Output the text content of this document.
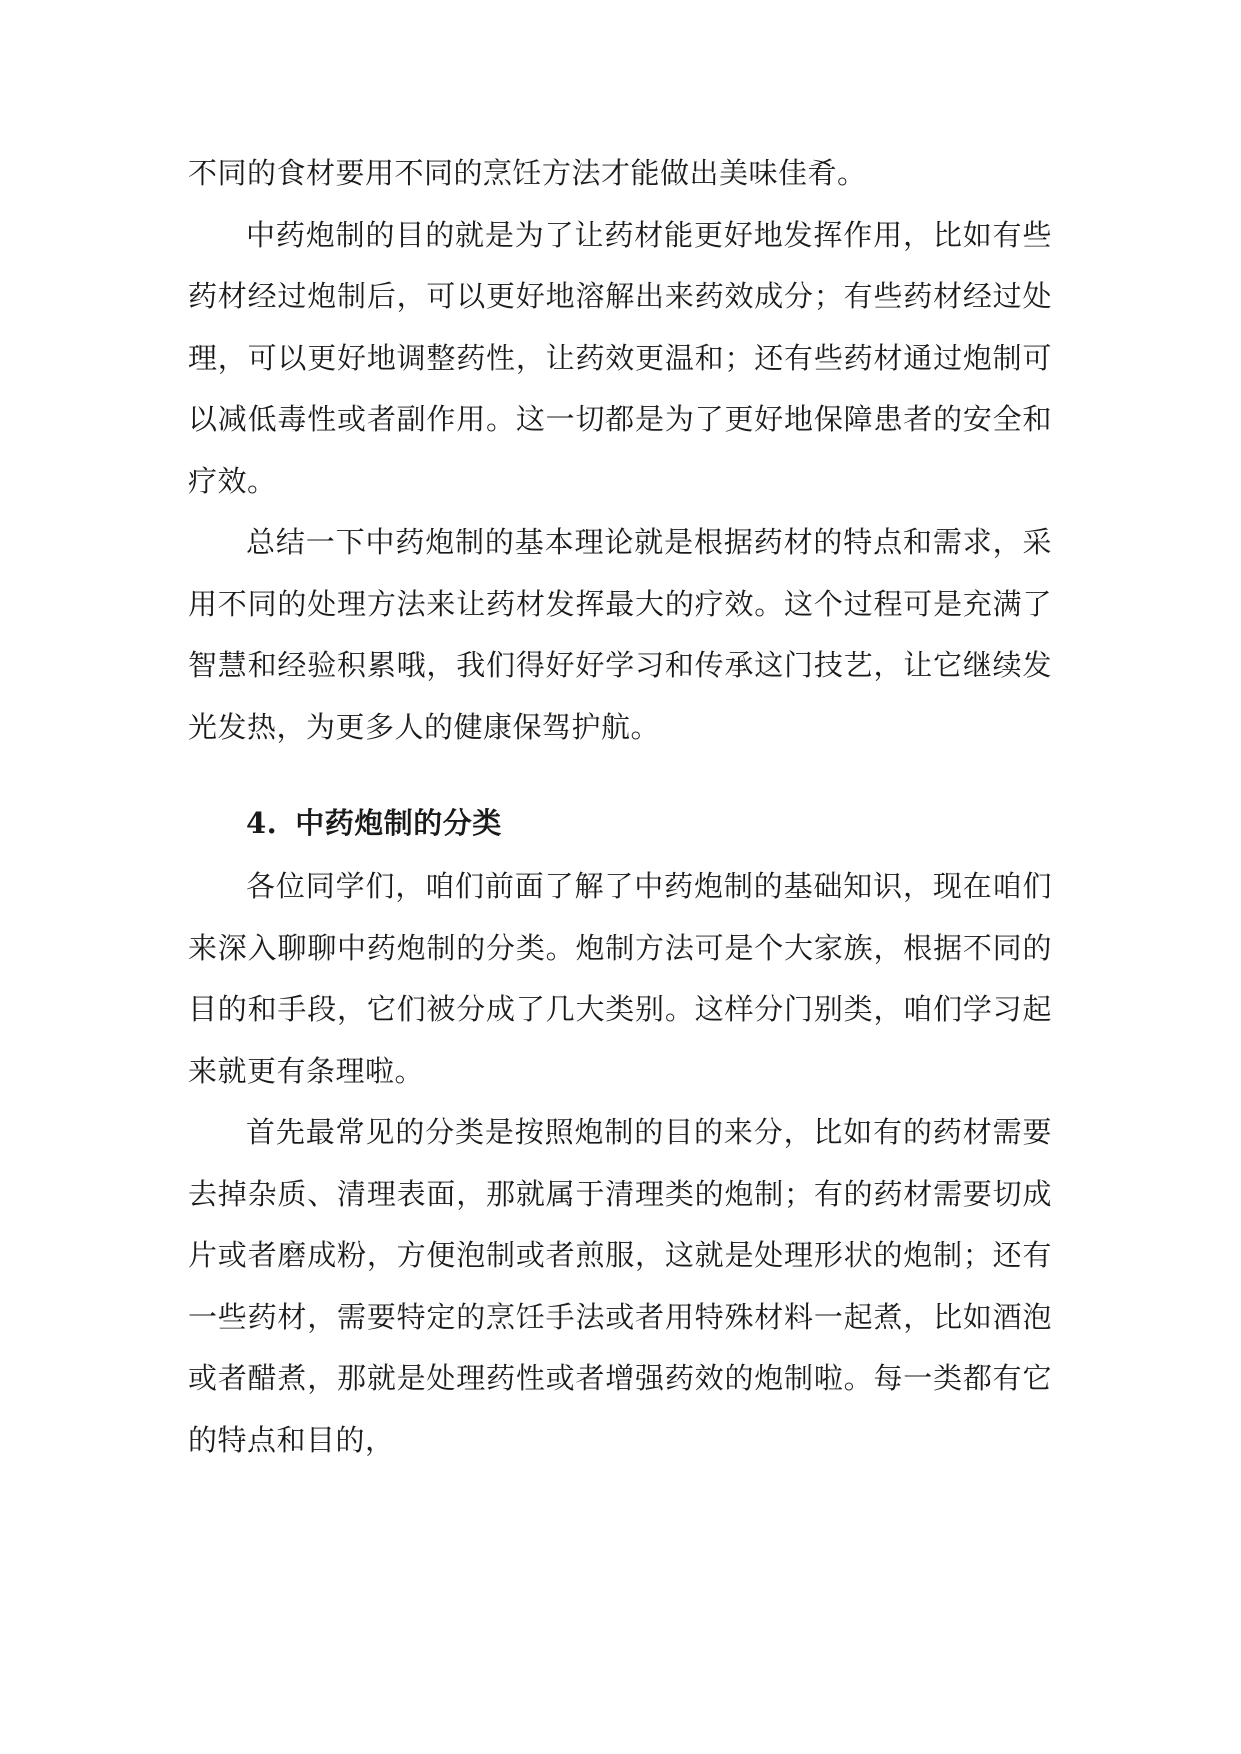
不同的食材要用不同的烹饪方法才能做出美味佳肴。

中药炮制的目的就是为了让药材能更好地发挥作用，比如有些药材经过炮制后，可以更好地溶解出来药效成分；有些药材经过处理，可以更好地调整药性，让药效更温和；还有些药材通过炮制可以减低毒性或者副作用。这一切都是为了更好地保障患者的安全和疗效。

总结一下中药炮制的基本理论就是根据药材的特点和需求，采用不同的处理方法来让药材发挥最大的疗效。这个过程可是充满了智慧和经验积累哦，我们得好好学习和传承这门技艺，让它继续发光发热，为更多人的健康保驾护航。

4. 中药炮制的分类

各位同学们，咱们前面了解了中药炮制的基础知识，现在咱们来深入聊聊中药炮制的分类。炮制方法可是个大家族，根据不同的目的和手段，它们被分成了几大类别。这样分门别类，咱们学习起来就更有条理啦。

首先最常见的分类是按照炮制的目的来分，比如有的药材需要去掉杂质、清理表面，那就属于清理类的炮制；有的药材需要切成片或者磨成粉，方便泡制或者煎服，这就是处理形状的炮制；还有一些药材，需要特定的烹饪手法或者用特殊材料一起煮，比如酒泡或者醋煮，那就是处理药性或者增强药效的炮制啦。每一类都有它的特点和目的，
